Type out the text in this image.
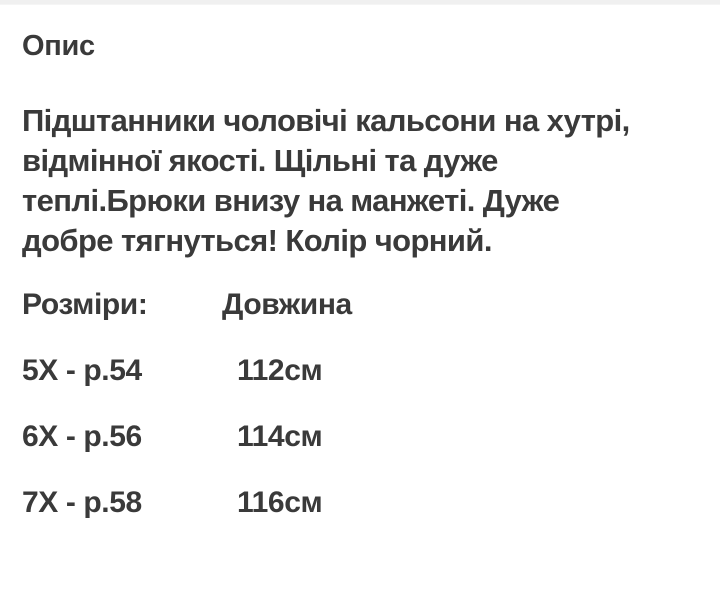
Опис
Підштанники чоловічі кальсони на хутрі,
відмінної якості. Щільні та дуже
теплі.Брюки внизу на манжеті. Дуже
добре тягнуться! Колір чорний.
Розміри:	Довжина
5X - р.54	112см
6X - р.56	114см
7X - р.58	116см
